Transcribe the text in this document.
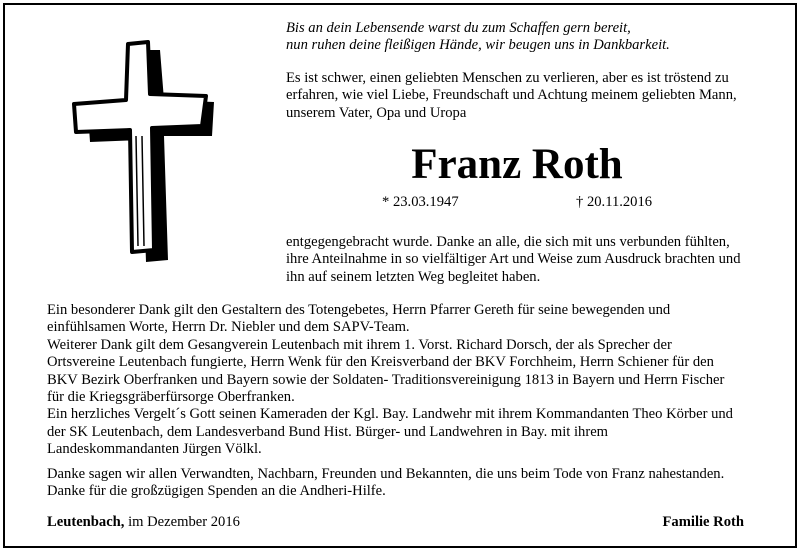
Bis an dein Lebensende warst du zum Schaffen gern bereit,
nun ruhen deine fleißigen Hände, wir beugen uns in Dankbarkeit.
Es ist schwer, einen geliebten Menschen zu verlieren, aber es ist tröstend zu
erfahren, wie viel Liebe, Freundschaft und Achtung meinem geliebten Mann,
unserem Vater, Opa und Uropa
Franz Roth
* 23.03.1947	† 20.11.2016
entgegengebracht wurde. Danke an alle, die sich mit uns verbunden fühlten,
ihre Anteilnahme in so vielfältiger Art und Weise zum Ausdruck brachten und
ihn auf seinem letzten Weg begleitet haben.
Ein besonderer Dank gilt den Gestaltern des Totengebetes, Herrn Pfarrer Gereth für seine bewegenden und
einfühlsamen Worte, Herrn Dr. Niebler und dem SAPV-Team.
Weiterer Dank gilt dem Gesangverein Leutenbach mit ihrem 1. Vorst. Richard Dorsch, der als Sprecher der
Ortsvereine Leutenbach fungierte, Herrn Wenk für den Kreisverband der BKV Forchheim, Herrn Schiener für den
BKV Bezirk Oberfranken und Bayern sowie der Soldaten- Traditionsvereinigung 1813 in Bayern und Herrn Fischer
für die Kriegsgräberfürsorge Oberfranken.
Ein herzliches Vergelt´s Gott seinen Kameraden der Kgl. Bay. Landwehr mit ihrem Kommandanten Theo Körber und
der SK Leutenbach, dem Landesverband Bund Hist. Bürger- und Landwehren in Bay. mit ihrem
Landeskommandanten Jürgen Völkl.
Danke sagen wir allen Verwandten, Nachbarn, Freunden und Bekannten, die uns beim Tode von Franz nahestanden.
Danke für die großzügigen Spenden an die Andheri-Hilfe.
Leutenbach, im Dezember 2016	Familie Roth
